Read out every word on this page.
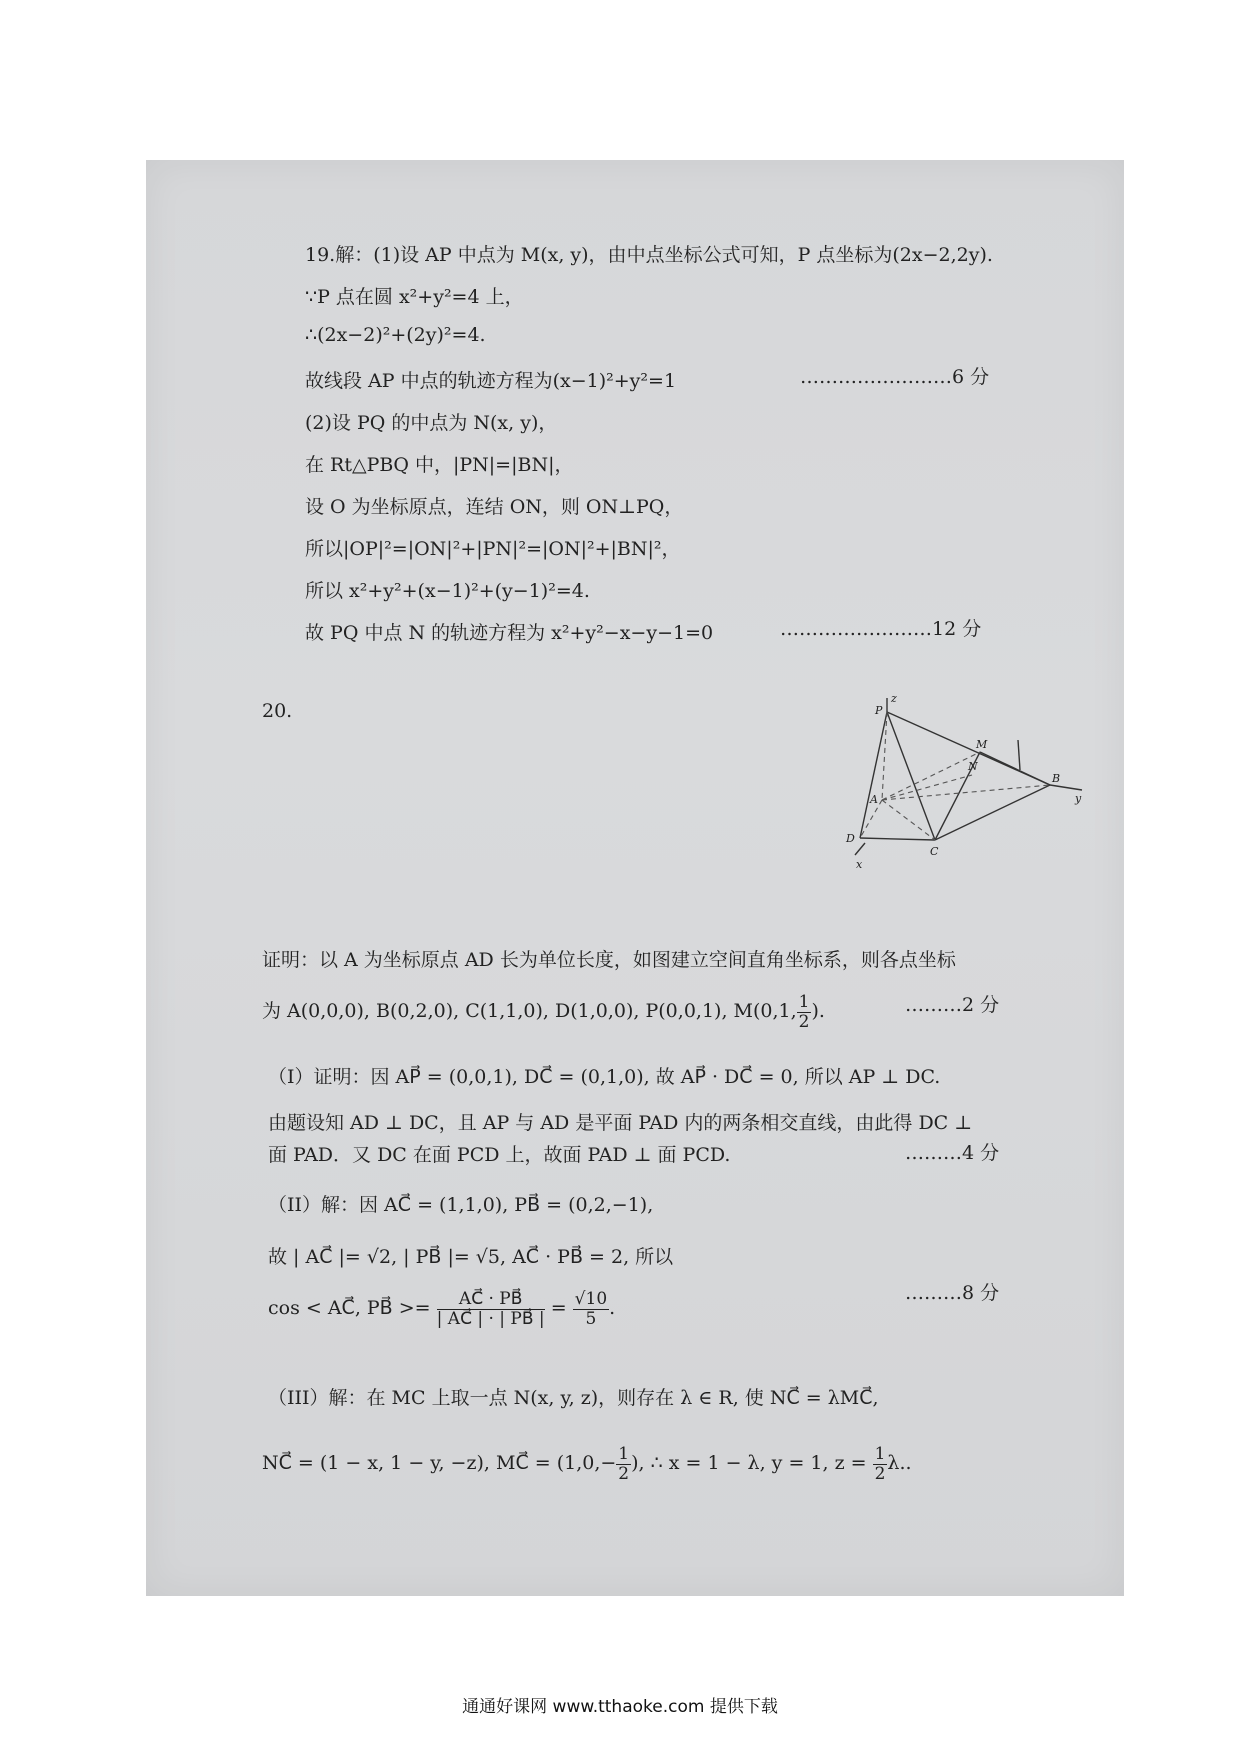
19.解：(1)设 AP 中点为 M(x, y)，由中点坐标公式可知，P 点坐标为(2x−2,2y).
∵P 点在圆 x²+y²=4 上，
∴(2x−2)²+(2y)²=4.
故线段 AP 中点的轨迹方程为(x−1)²+y²=1	……………………6 分
(2)设 PQ 的中点为 N(x, y)，
在 Rt△PBQ 中，|PN|=|BN|，
设 O 为坐标原点，连结 ON，则 ON⊥PQ，
所以|OP|²=|ON|²+|PN|²=|ON|²+|BN|²，
所以 x²+y²+(x−1)²+(y−1)²=4.
故 PQ 中点 N 的轨迹方程为 x²+y²−x−y−1=0	……………………12 分
20.
z
P
M
N
A
B
y
D
C
x
证明：以 A 为坐标原点 AD 长为单位长度，如图建立空间直角坐标系，则各点坐标
为 A(0,0,0), B(0,2,0), C(1,1,0), D(1,0,0), P(0,0,1), M(0,1, $\frac{1}{2}$ ).	………2 分
（I）证明：因 AP⃗ = (0,0,1), DC⃗ = (0,1,0), 故 AP⃗ · DC⃗ = 0, 所以 AP ⊥ DC.
由题设知 AD ⊥ DC，且 AP 与 AD 是平面 PAD 内的两条相交直线，由此得 DC ⊥
面 PAD．又 DC 在面 PCD 上，故面 PAD ⊥ 面 PCD.	………4 分
（II）解：因 AC⃗ = (1,1,0), PB⃗ = (0,2,−1),
故 | AC⃗ |= √2, | PB⃗ |= √5, AC⃗ · PB⃗ = 2, 所以
cos < AC⃗, PB⃗ >= $\frac{AC⃗ \cdot PB⃗}{| AC⃗ | \cdot | PB⃗ |} = \frac{√10}{5}$ .
………8 分
（III）解：在 MC 上取一点 N(x, y, z)，则存在 λ ∈ R, 使 NC⃗ = λMC⃗,
NC⃗ = (1 − x, 1 − y, −z), MC⃗ = ($1,0,- \frac{1}{2}$ ), ∴ x = 1 − λ, y = 1, $z = \frac{1}{2} \lambda$..
通通好课网 www.tthaoke.com 提供下载
